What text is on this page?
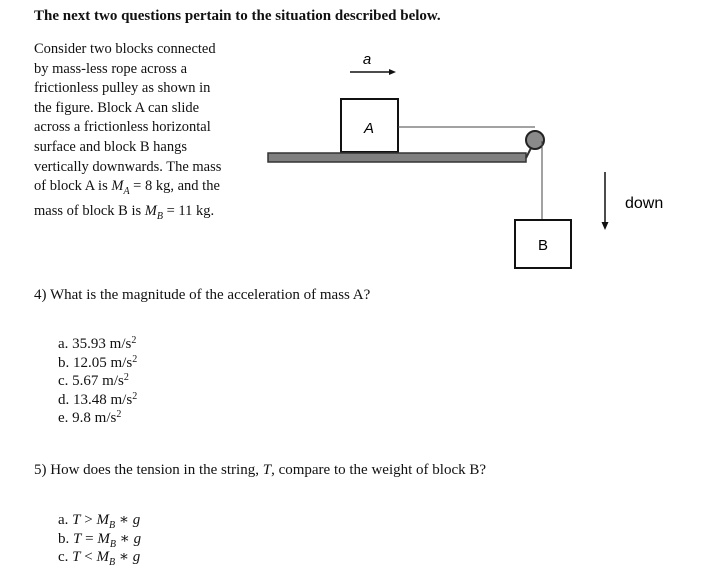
The next two questions pertain to the situation described below.
Consider two blocks connected
by mass-less rope across a
frictionless pulley as shown in
the figure. Block A can slide
across a frictionless horizontal
surface and block B hangs
vertically downwards. The mass
of block A is $M_A = 8$ kg, and the
mass of block B is $M_B = 11$ kg.
a
A
B
down
4) What is the magnitude of the acceleration of mass A?
a. 35.93 $m/s^2$
b. 12.05 $m/s^2$
c. 5.67 $m/s^2$
d. 13.48 $m/s^2$
e. 9.8 $m/s^2$
5) How does the tension in the string, T, compare to the weight of block B?
a. $T > M_B$ ∗ g
b. $T = M_B$ ∗ g
c. $T < M_B$ ∗ g
